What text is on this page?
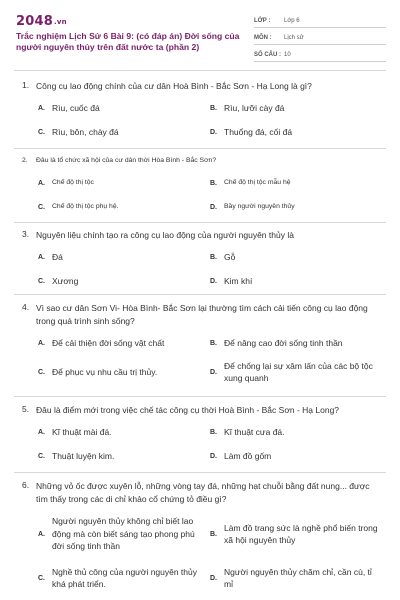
2048.vn
Trắc nghiệm Lịch Sử 6 Bài 9: (có đáp án) Đời sống của người nguyên thủy trên đất nước ta (phần 2)
LỚP :	Lớp 6
MÔN :	Lịch sử
SỐ CÂU : 10
1. Công cụ lao động chính của cư dân Hoà Bình - Bắc Sơn - Hạ Long là gì?
A. Rìu, cuốc đá	B. Rìu, lưỡi cày đá
C. Rìu, bôn, chày đá	D. Thuổng đá, cối đá
2.	Đâu là tổ chức xã hội của cư dân thời Hòa Bình - Bắc Sơn?
A.	Chế độ thị tộc	B.	Chế độ thị tộc mẫu hệ
C.	Chế độ thị tộc phụ hệ.	D.	Bầy người nguyên thủy
3. Nguyên liệu chính tạo ra công cụ lao động của người nguyên thủy là
A. Đá	B. Gỗ
C. Xương	D. Kim khí
4. Vì sao cư dân Sơn Vi- Hòa Bình- Bắc Sơn lại thường tìm cách cải tiến công cụ lao động trong quá trình sinh sống?
A. Để cải thiện đời sống vật chất	B. Để nâng cao đời sống tinh thần
C. Để phục vụ nhu cầu trị thủy.	D.
Để chống lại sự xâm lấn của các bộ tộc xung quanh
5. Đâu là điểm mới trong việc chế tác công cụ thời Hoà Bình - Bắc Sơn - Hạ Long?
A. Kĩ thuật mài đá.	B. Kĩ thuật cưa đá.
C. Thuật luyện kim.	D. Làm đồ gốm
6. Những vỏ ốc được xuyên lỗ, những vòng tay đá, những hạt chuỗi bằng đất nung... được tìm thấy trong các di chỉ khảo cổ chứng tỏ điều gì?
A.
Người nguyên thủy không chỉ biết lao động mà còn biết sáng tạo phong phú đời sống tinh thần
B.
Làm đồ trang sức là nghề phổ biến trong xã hội nguyên thủy
C.
Nghề thủ công của người nguyên thủy khá phát triển.
D.
Người nguyên thủy chăm chỉ, cần cù, tỉ mỉ
